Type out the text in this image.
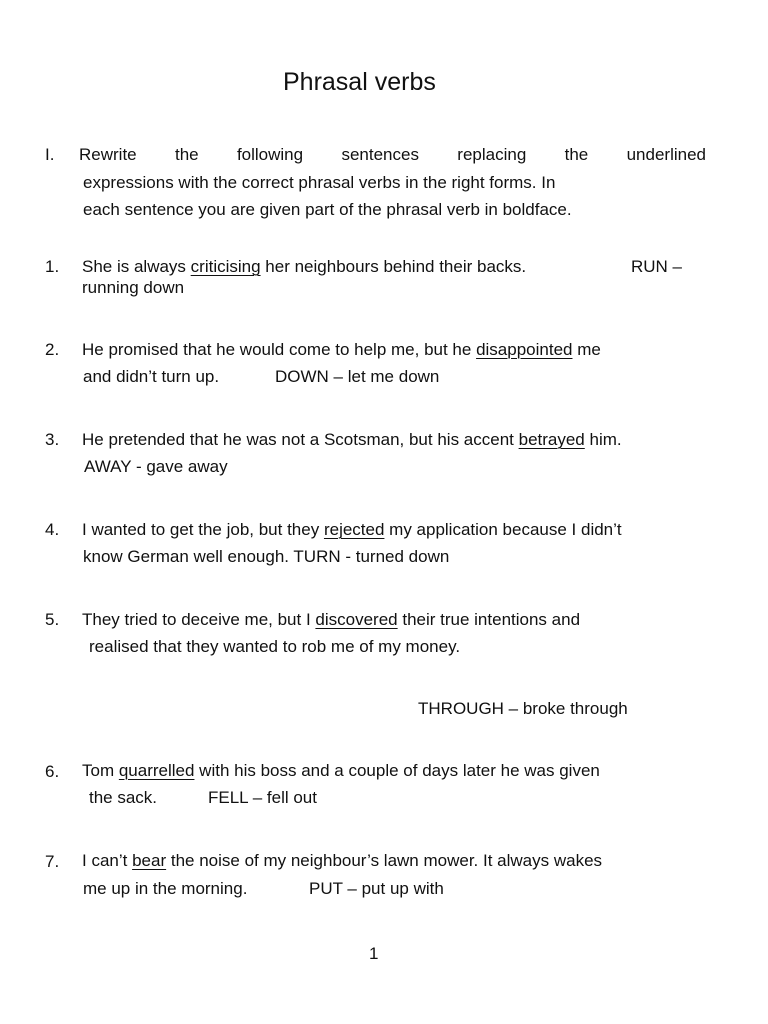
Phrasal verbs
I. Rewrite the following sentences replacing the underlined
expressions with the correct phrasal verbs in the right forms. In
each sentence you are given part of the phrasal verb in boldface.
1. She is always criticising her neighbours behind their backs.	RUN –
running down
2. He promised that he would come to help me, but he disappointed me
and didn’t turn up.	DOWN – let me down
3. He pretended that he was not a Scotsman, but his accent betrayed him.
AWAY - gave away
4. I wanted to get the job, but they rejected my application because I didn’t
know German well enough. TURN - turned down
5. They tried to deceive me, but I discovered their true intentions and
realised that they wanted to rob me of my money.
THROUGH – broke through
6. Tom quarrelled with his boss and a couple of days later he was given
the sack.	FELL – fell out
7. I can’t bear the noise of my neighbour’s lawn mower. It always wakes
me up in the morning.	PUT – put up with
1
